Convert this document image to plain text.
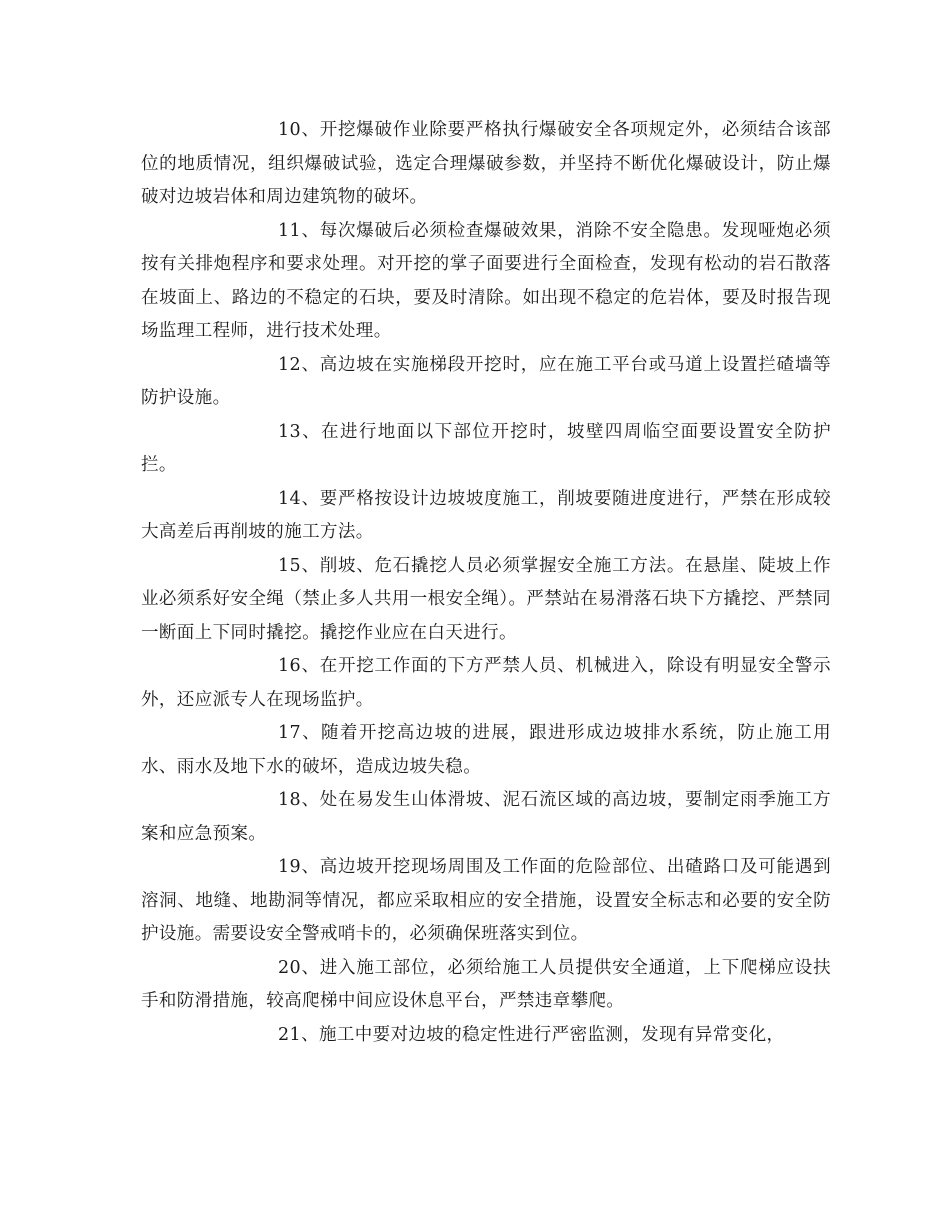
10、开挖爆破作业除要严格执行爆破安全各项规定外，必须结合该部位的地质情况，组织爆破试验，选定合理爆破参数，并坚持不断优化爆破设计，防止爆破对边坡岩体和周边建筑物的破坏。

11、每次爆破后必须检查爆破效果，消除不安全隐患。发现哑炮必须按有关排炮程序和要求处理。对开挖的掌子面要进行全面检查，发现有松动的岩石散落在坡面上、路边的不稳定的石块，要及时清除。如出现不稳定的危岩体，要及时报告现场监理工程师，进行技术处理。

12、高边坡在实施梯段开挖时，应在施工平台或马道上设置拦碴墙等防护设施。

13、在进行地面以下部位开挖时，坡壁四周临空面要设置安全防护拦。

14、要严格按设计边坡坡度施工，削坡要随进度进行，严禁在形成较大高差后再削坡的施工方法。

15、削坡、危石撬挖人员必须掌握安全施工方法。在悬崖、陡坡上作业必须系好安全绳（禁止多人共用一根安全绳）。严禁站在易滑落石块下方撬挖、严禁同一断面上下同时撬挖。撬挖作业应在白天进行。

16、在开挖工作面的下方严禁人员、机械进入，除设有明显安全警示外，还应派专人在现场监护。

17、随着开挖高边坡的进展，跟进形成边坡排水系统，防止施工用水、雨水及地下水的破坏，造成边坡失稳。

18、处在易发生山体滑坡、泥石流区域的高边坡，要制定雨季施工方案和应急预案。

19、高边坡开挖现场周围及工作面的危险部位、出碴路口及可能遇到溶洞、地缝、地勘洞等情况，都应采取相应的安全措施，设置安全标志和必要的安全防护设施。需要设安全警戒哨卡的，必须确保班落实到位。

20、进入施工部位，必须给施工人员提供安全通道，上下爬梯应设扶手和防滑措施，较高爬梯中间应设休息平台，严禁违章攀爬。

21、施工中要对边坡的稳定性进行严密监测，发现有异常变化，
